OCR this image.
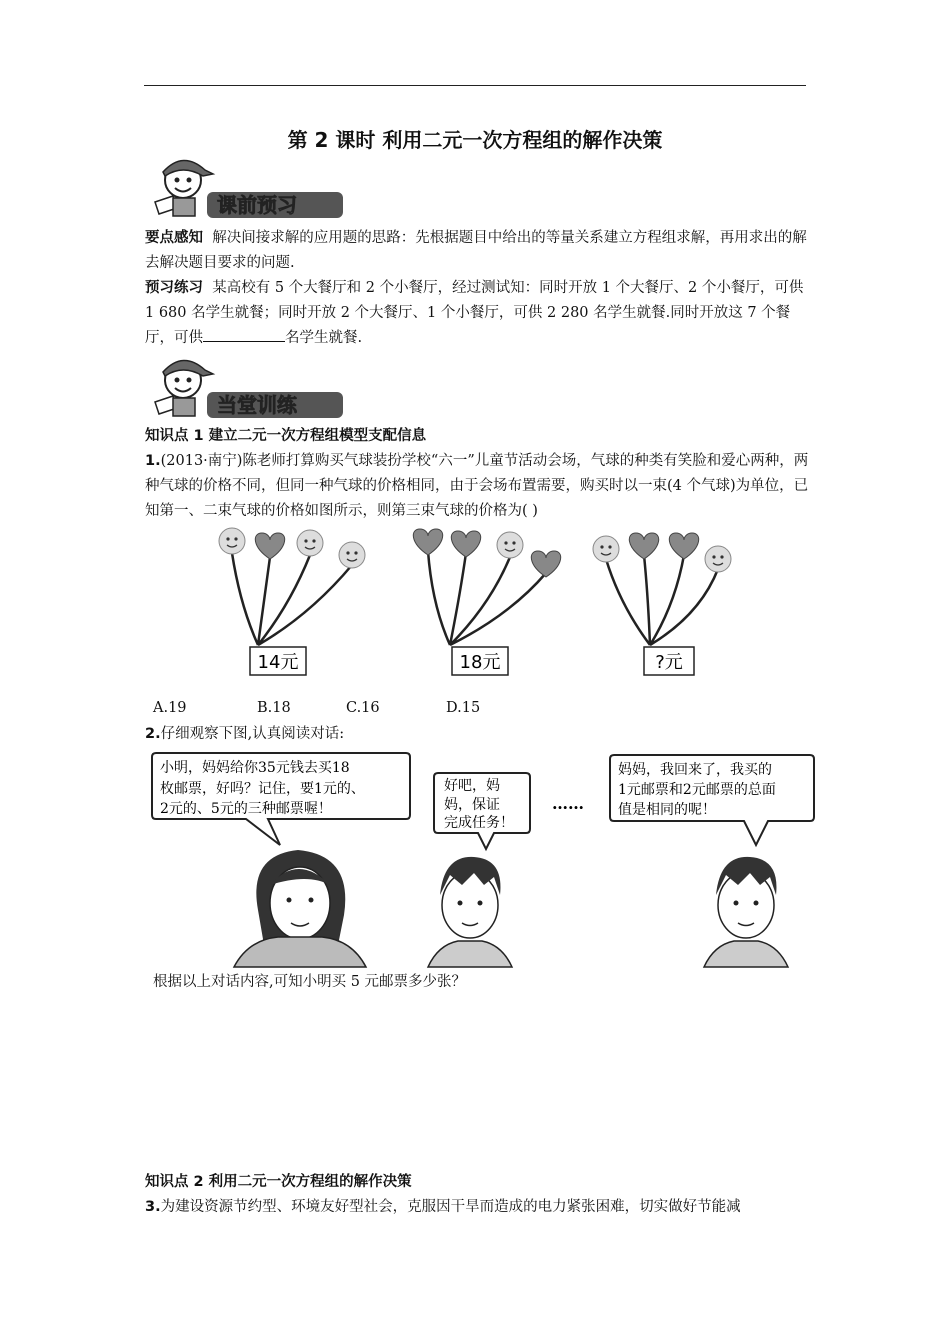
第 2 课时 利用二元一次方程组的解作决策
课前预习

要点感知 解决间接求解的应用题的思路：先根据题目中给出的等量关系建立方程组求解，再用求出的解去解决题目要求的问题.

预习练习 某高校有 5 个大餐厅和 2 个小餐厅，经过测试知：同时开放 1 个大餐厅、2 个小餐厅，可供 1 680 名学生就餐；同时开放 2 个大餐厅、1 个小餐厅，可供 2 280 名学生就餐.同时开放这 7 个餐厅，可供	名学生就餐.

当堂训练

知识点 1 建立二元一次方程组模型支配信息

1.(2013·南宁)陈老师打算购买气球装扮学校“六一”儿童节活动会场，气球的种类有笑脸和爱心两种，两种气球的价格不同，但同一种气球的价格相同，由于会场布置需要，购买时以一束(4 个气球)为单位，已知第一、二束气球的价格如图所示，则第三束气球的价格为( )

14元	18元	?元
A.19	B.18	C.16	D.15

2.仔细观察下图,认真阅读对话:

小明，妈妈给你35元钱去买18
枚邮票，好吗？记住，要1元的、
2元的、5元的三种邮票喔！
好吧，妈
妈，保证
完成任务！
……
妈妈，我回来了，我买的
1元邮票和2元邮票的总面
值是相同的呢！

根据以上对话内容,可知小明买 5 元邮票多少张？

知识点 2 利用二元一次方程组的解作决策

3.为建设资源节约型、环境友好型社会，克服因干旱而造成的电力紧张困难，切实做好节能减
